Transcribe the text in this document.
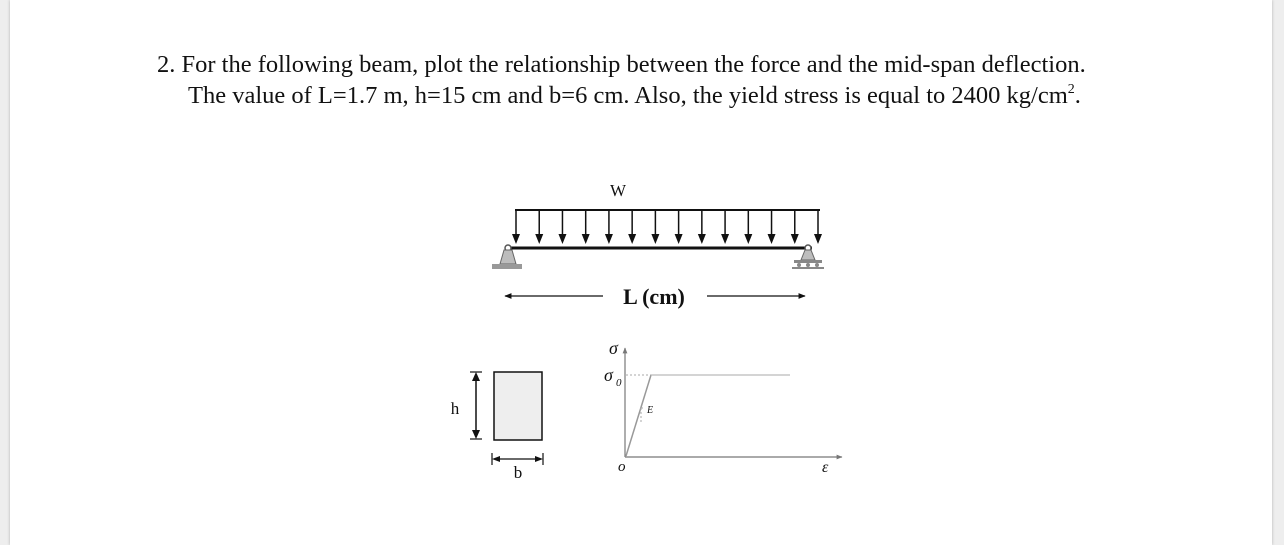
2. For the following beam, plot the relationship between the force and the mid-span deflection.
The value of L=1.7 m, h=15 cm and b=6 cm. Also, the yield stress is equal to 2400 $kg/cm^2$.
W
L (cm)
h
b
σ
σ 0
E
o	ε
